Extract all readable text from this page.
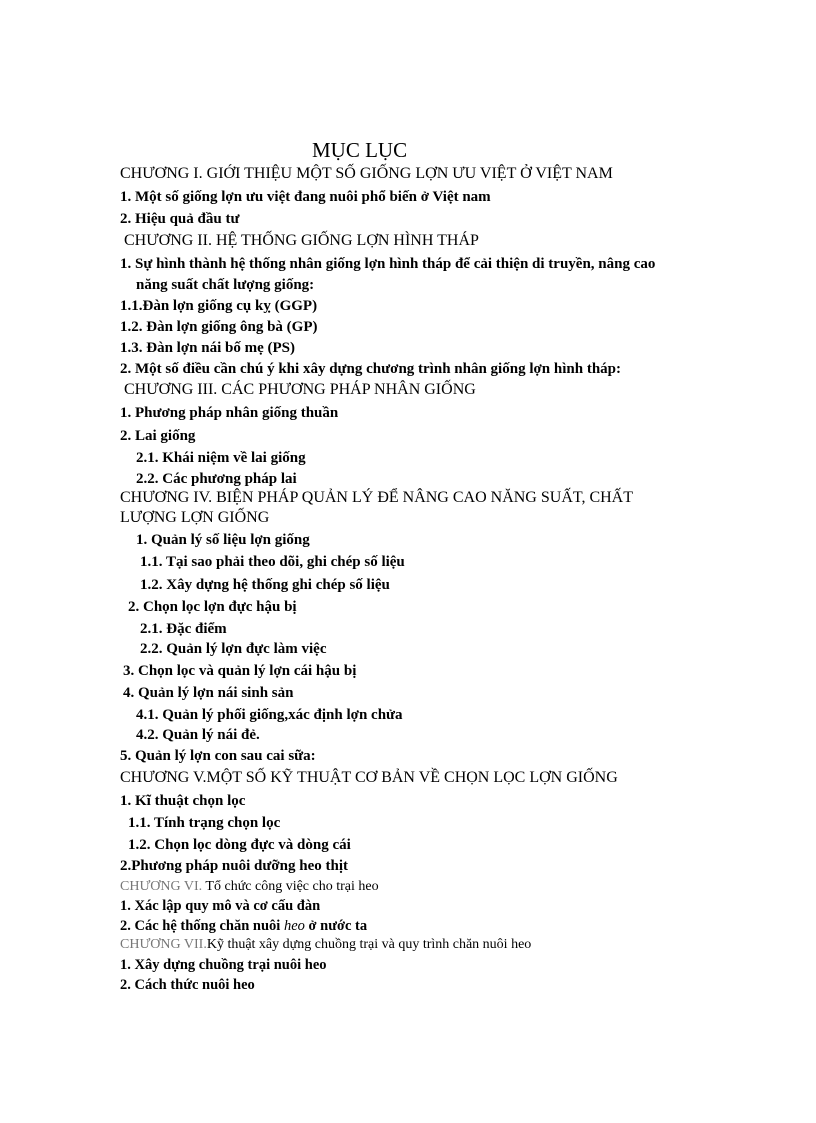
MỤC LỤC
CHƯƠNG I. GIỚI THIỆU MỘT SỐ GIỐNG LỢN ƯU VIỆT Ở VIỆT NAM
1. Một số giống lợn ưu việt đang nuôi phổ biến ở Việt nam
2. Hiệu quả đầu tư
CHƯƠNG II. HỆ THỐNG GIỐNG LỢN HÌNH THÁP
1. Sự hình thành hệ thống nhân giống lợn hình tháp để cải thiện di truyền, nâng cao
năng suất chất lượng giống:
1.1.Đàn lợn giống cụ kỵ (GGP)
1.2. Đàn lợn giống ông bà (GP)
1.3. Đàn lợn nái bố mẹ (PS)
2. Một số điều cần chú ý khi xây dựng chương trình nhân giống lợn hình tháp:
CHƯƠNG III. CÁC PHƯƠNG PHÁP NHÂN GIỐNG
1. Phương pháp nhân giống thuần
2. Lai giống
2.1. Khái niệm về lai giống
2.2. Các phương pháp lai
CHƯƠNG IV. BIỆN PHÁP QUẢN LÝ ĐỂ NÂNG CAO NĂNG SUẤT, CHẤT
LƯỢNG LỢN GIỐNG
1. Quản lý số liệu lợn giống
1.1. Tại sao phải theo dõi, ghi chép số liệu
1.2. Xây dựng hệ thống ghi chép số liệu
2. Chọn lọc lợn đực hậu bị
2.1. Đặc điểm
2.2. Quản lý lợn đực làm việc
3. Chọn lọc và quản lý lợn cái hậu bị
4. Quản lý lợn nái sinh sản
4.1. Quản lý phối giống,xác định lợn chửa
4.2. Quản lý nái đẻ.
5. Quản lý lợn con sau cai sữa:
CHƯƠNG V.MỘT SỐ KỸ THUẬT CƠ BẢN VỀ CHỌN LỌC LỢN GIỐNG
1. Kĩ thuật chọn lọc
1.1. Tính trạng chọn lọc
1.2. Chọn lọc dòng đực và dòng cái
2.Phương pháp nuôi dưỡng heo thịt
CHƯƠNG VI. Tổ chức công việc cho trại heo
1. Xác lập quy mô và cơ cấu đàn
2. Các hệ thống chăn nuôi heo ở nước ta
CHƯƠNG VII.Kỹ thuật xây dựng chuồng trại và quy trình chăn nuôi heo
1. Xây dựng chuồng trại nuôi heo
2. Cách thức nuôi heo
